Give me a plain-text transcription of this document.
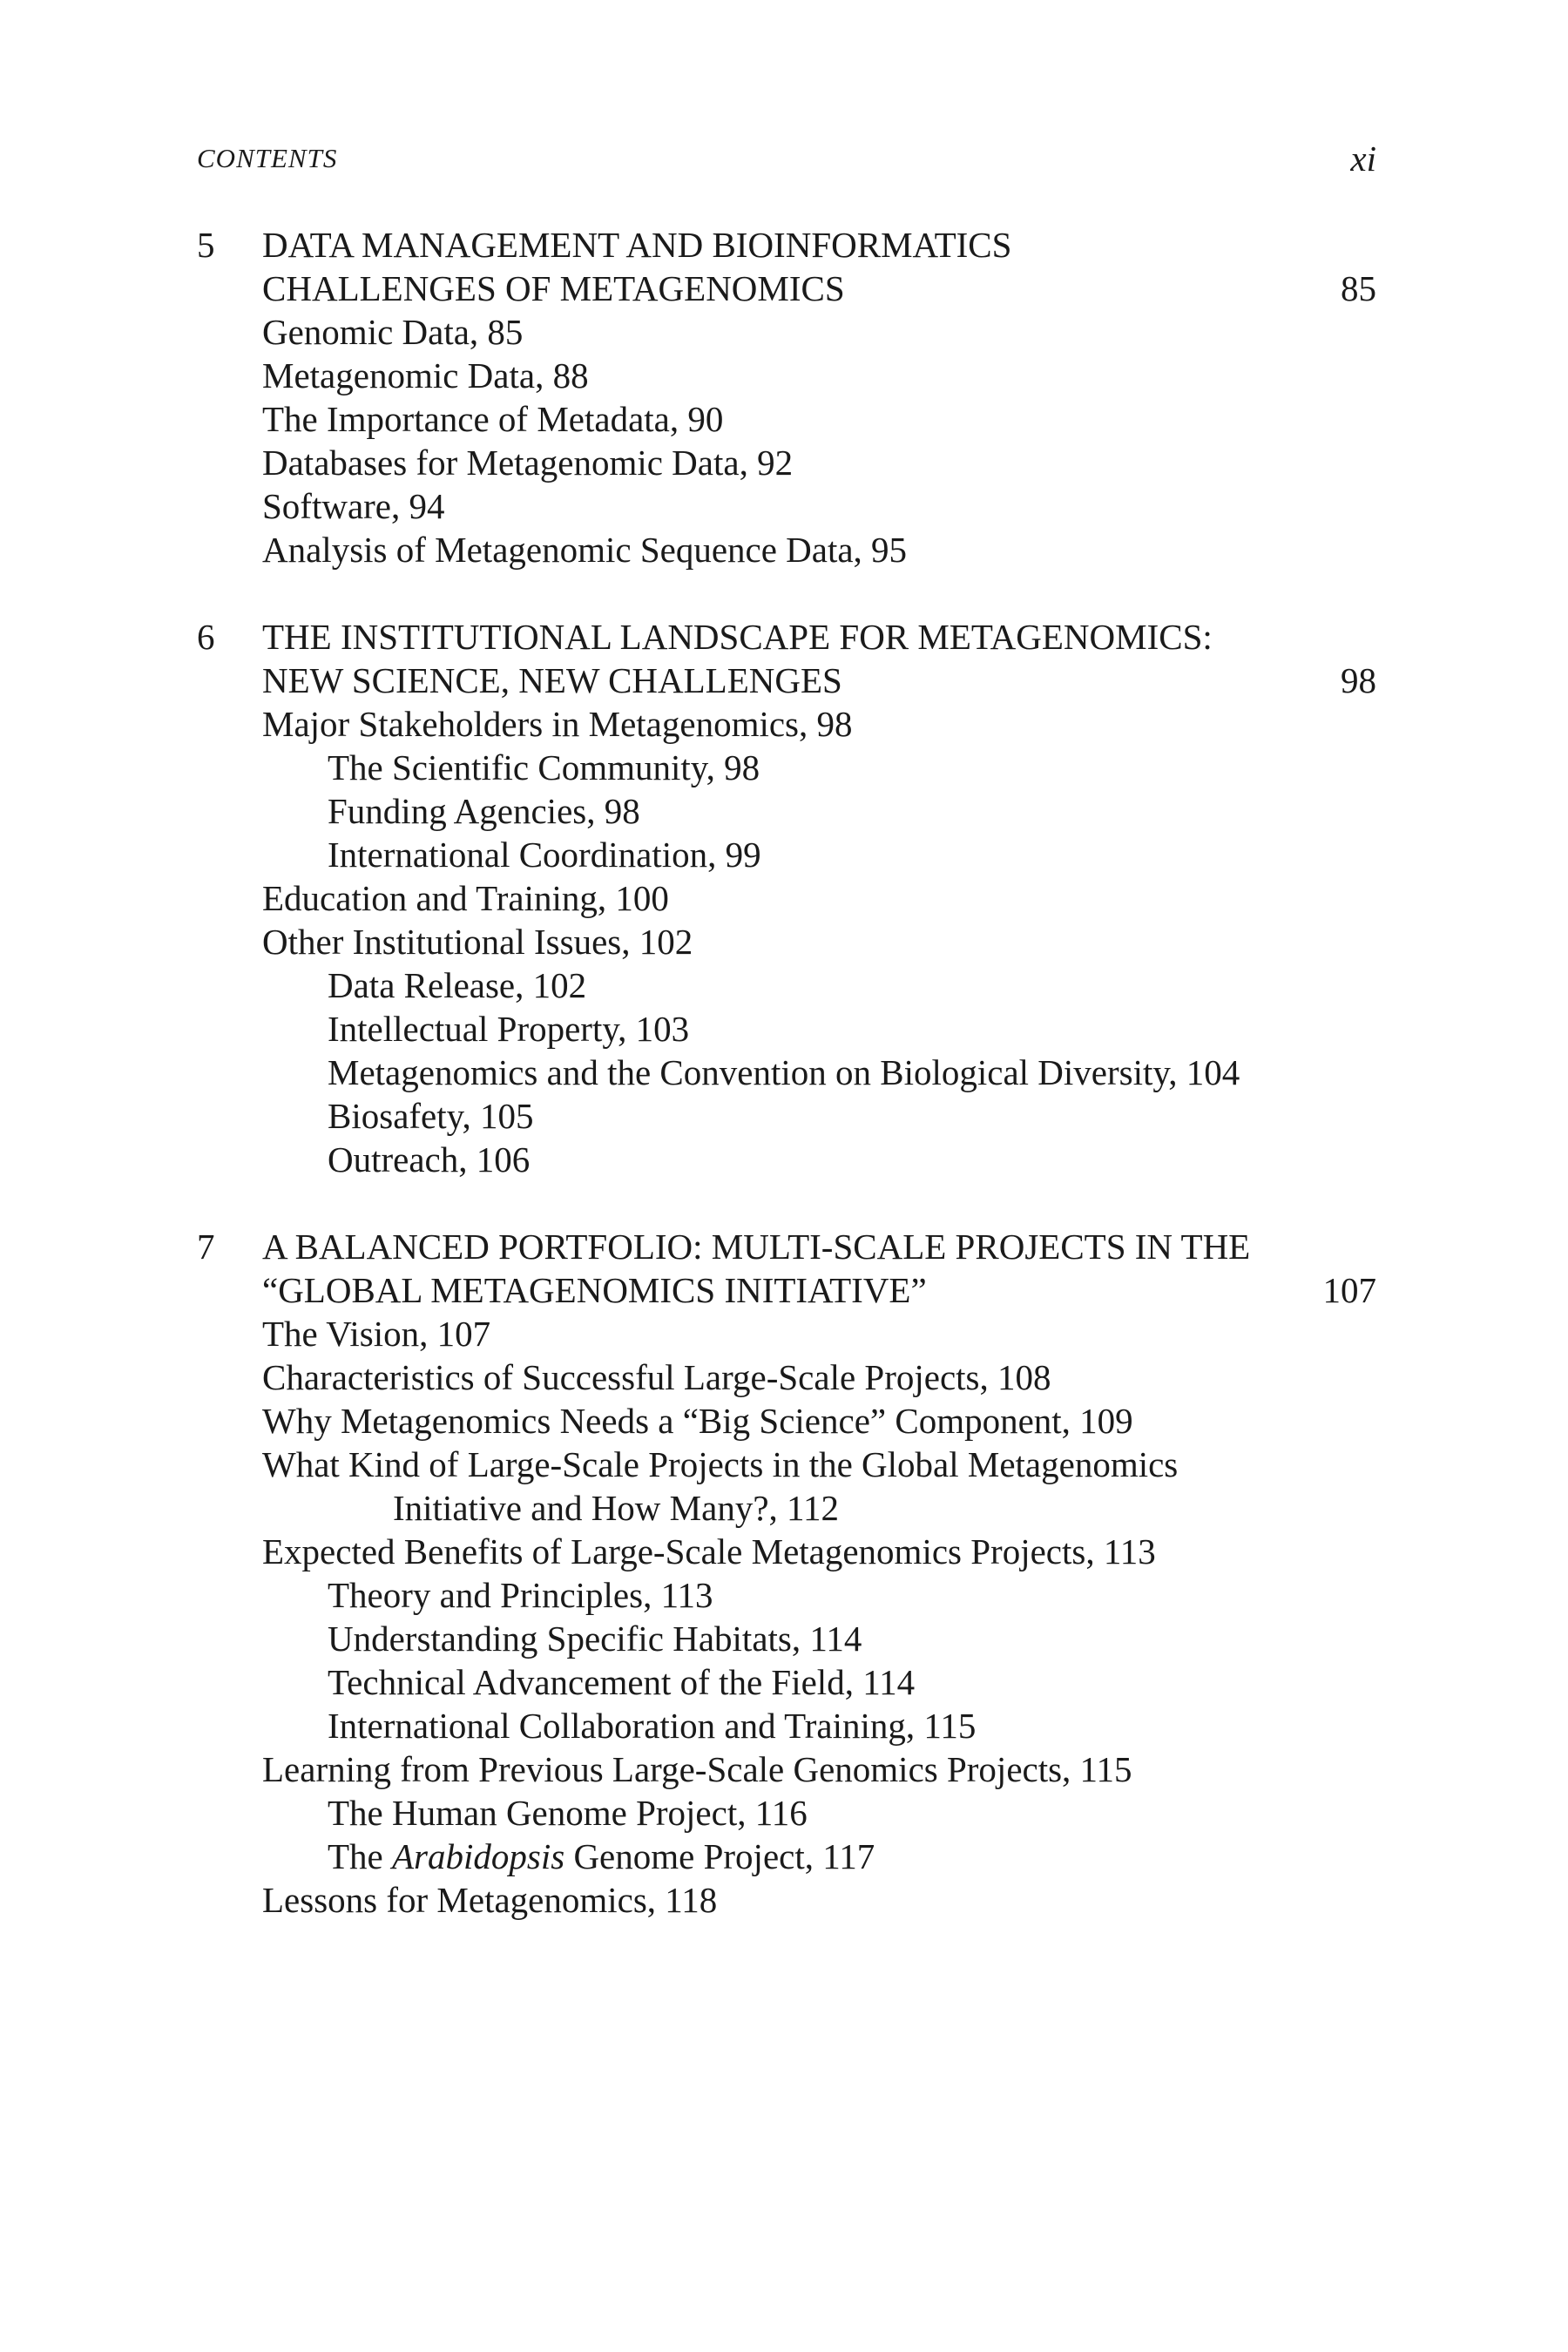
CONTENTS	xi
5 DATA MANAGEMENT AND BIOINFORMATICS
CHALLENGES OF METAGENOMICS	85
Genomic Data, 85
Metagenomic Data, 88
The Importance of Metadata, 90
Databases for Metagenomic Data, 92
Software, 94
Analysis of Metagenomic Sequence Data, 95
6 THE INSTITUTIONAL LANDSCAPE FOR METAGENOMICS:
NEW SCIENCE, NEW CHALLENGES	98
Major Stakeholders in Metagenomics, 98
The Scientific Community, 98
Funding Agencies, 98
International Coordination, 99
Education and Training, 100
Other Institutional Issues, 102
Data Release, 102
Intellectual Property, 103
Metagenomics and the Convention on Biological Diversity, 104
Biosafety, 105
Outreach, 106
7 A BALANCED PORTFOLIO: MULTI-SCALE PROJECTS IN THE
“GLOBAL METAGENOMICS INITIATIVE”	107
The Vision, 107
Characteristics of Successful Large-Scale Projects, 108
Why Metagenomics Needs a “Big Science” Component, 109
What Kind of Large-Scale Projects in the Global Metagenomics
Initiative and How Many?, 112
Expected Benefits of Large-Scale Metagenomics Projects, 113
Theory and Principles, 113
Understanding Specific Habitats, 114
Technical Advancement of the Field, 114
International Collaboration and Training, 115
Learning from Previous Large-Scale Genomics Projects, 115
The Human Genome Project, 116
The Arabidopsis Genome Project, 117
Lessons for Metagenomics, 118
